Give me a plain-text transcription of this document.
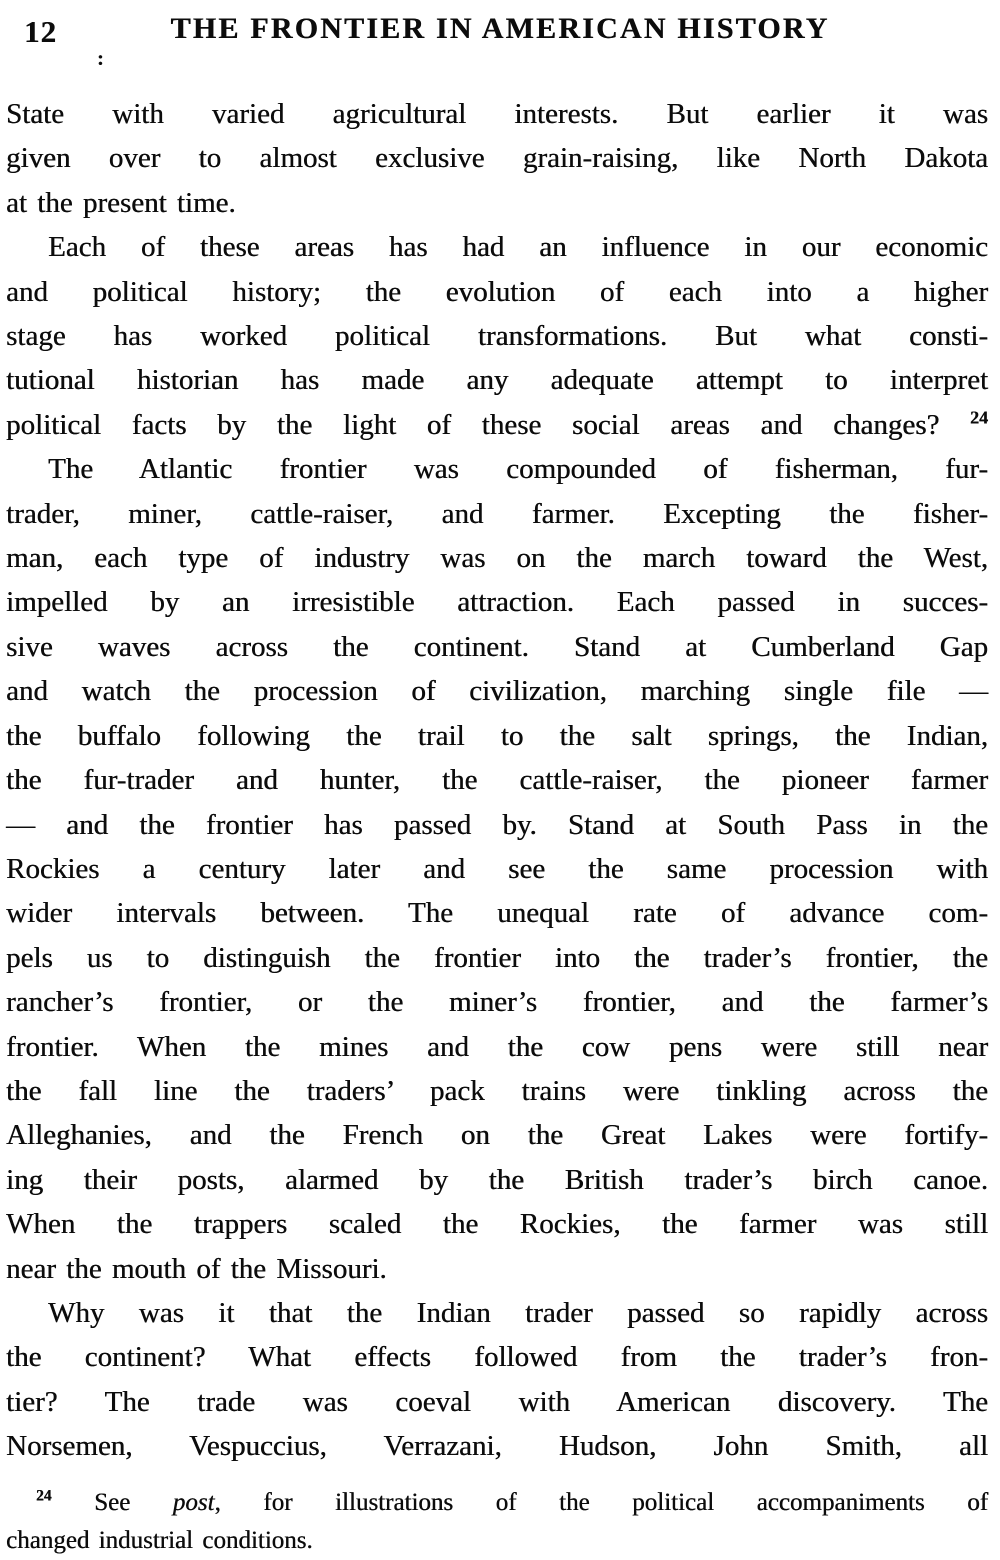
12	THE FRONTIER IN AMERICAN HISTORY
:
State with varied agricultural interests. But earlier it was
given over to almost exclusive grain-raising, like North Dakota
at the present time.
Each of these areas has had an influence in our economic
and political history; the evolution of each into a higher
stage has worked political transformations. But what consti-
tutional historian has made any adequate attempt to interpret
political facts by the light of these social areas and changes? $^{24}$
The Atlantic frontier was compounded of fisherman, fur-
trader, miner, cattle-raiser, and farmer. Excepting the fisher-
man, each type of industry was on the march toward the West,
impelled by an irresistible attraction. Each passed in succes-
sive waves across the continent. Stand at Cumberland Gap
and watch the procession of civilization, marching single file —
the buffalo following the trail to the salt springs, the Indian,
the fur-trader and hunter, the cattle-raiser, the pioneer farmer
— and the frontier has passed by. Stand at South Pass in the
Rockies a century later and see the same procession with
wider intervals between. The unequal rate of advance com-
pels us to distinguish the frontier into the trader’s frontier, the
rancher’s frontier, or the miner’s frontier, and the farmer’s
frontier. When the mines and the cow pens were still near
the fall line the traders’ pack trains were tinkling across the
Alleghanies, and the French on the Great Lakes were fortify-
ing their posts, alarmed by the British trader’s birch canoe.
When the trappers scaled the Rockies, the farmer was still
near the mouth of the Missouri.
Why was it that the Indian trader passed so rapidly across
the continent? What effects followed from the trader’s fron-
tier? The trade was coeval with American discovery. The
Norsemen, Vespuccius, Verrazani, Hudson, John Smith, all
$^{24}$ See post, for illustrations of the political accompaniments of
changed industrial conditions.
